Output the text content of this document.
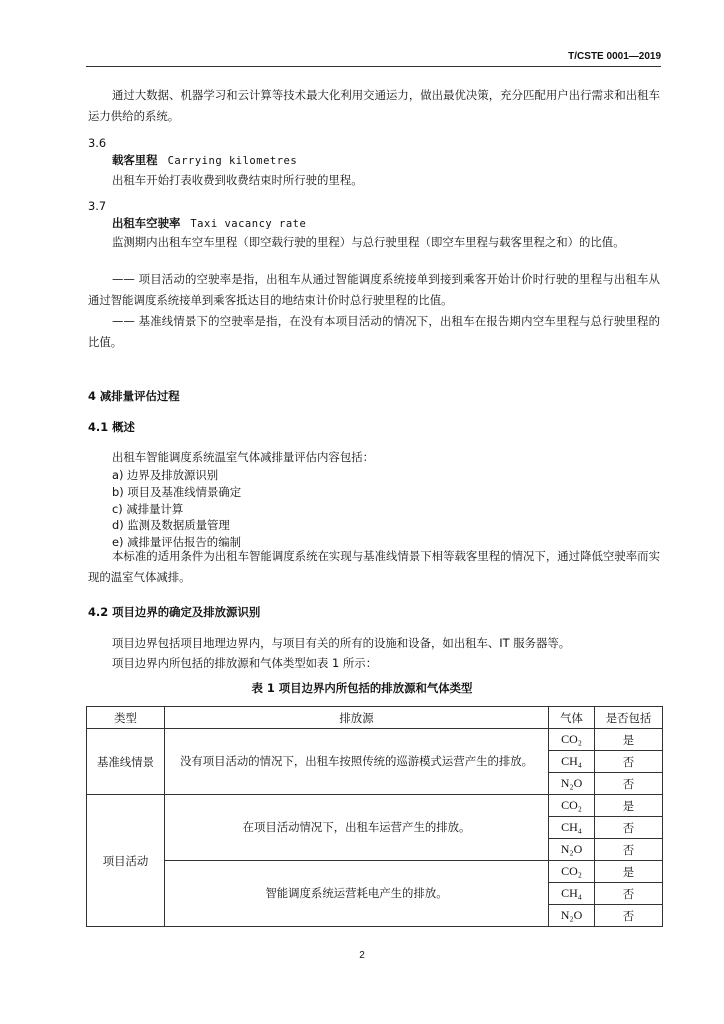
T/CSTE 0001—2019
通过大数据、机器学习和云计算等技术最大化利用交通运力，做出最优决策，充分匹配用户出行需求和出租车运力供给的系统。
3.6
载客里程 Carrying kilometres
出租车开始打表收费到收费结束时所行驶的里程。
3.7
出租车空驶率 Taxi vacancy rate
监测期内出租车空车里程（即空载行驶的里程）与总行驶里程（即空车里程与载客里程之和）的比值。
—— 项目活动的空驶率是指，出租车从通过智能调度系统接单到接到乘客开始计价时行驶的里程与出租车从通过智能调度系统接单到乘客抵达目的地结束计价时总行驶里程的比值。
—— 基准线情景下的空驶率是指，在没有本项目活动的情况下，出租车在报告期内空车里程与总行驶里程的比值。
4 减排量评估过程
4.1 概述
出租车智能调度系统温室气体减排量评估内容包括：
a) 边界及排放源识别
b) 项目及基准线情景确定
c) 减排量计算
d) 监测及数据质量管理
e) 减排量评估报告的编制
本标准的适用条件为出租车智能调度系统在实现与基准线情景下相等载客里程的情况下，通过降低空驶率而实现的温室气体减排。
4.2 项目边界的确定及排放源识别
项目边界包括项目地理边界内，与项目有关的所有的设施和设备，如出租车、IT 服务器等。
项目边界内所包括的排放源和气体类型如表 1 所示：
表 1 项目边界内所包括的排放源和气体类型
类型	排放源	气体	是否包括
基准线情景	没有项目活动的情况下，出租车按照传统的巡游模式运营产生的排放。	CO₂	是
		CH₄	否
		N₂O	否
项目活动	在项目活动情况下，出租车运营产生的排放。	CO₂	是
		CH₄	否
		N₂O	否
	智能调度系统运营耗电产生的排放。	CO₂	是
		CH₄	否
		N₂O	否
2
